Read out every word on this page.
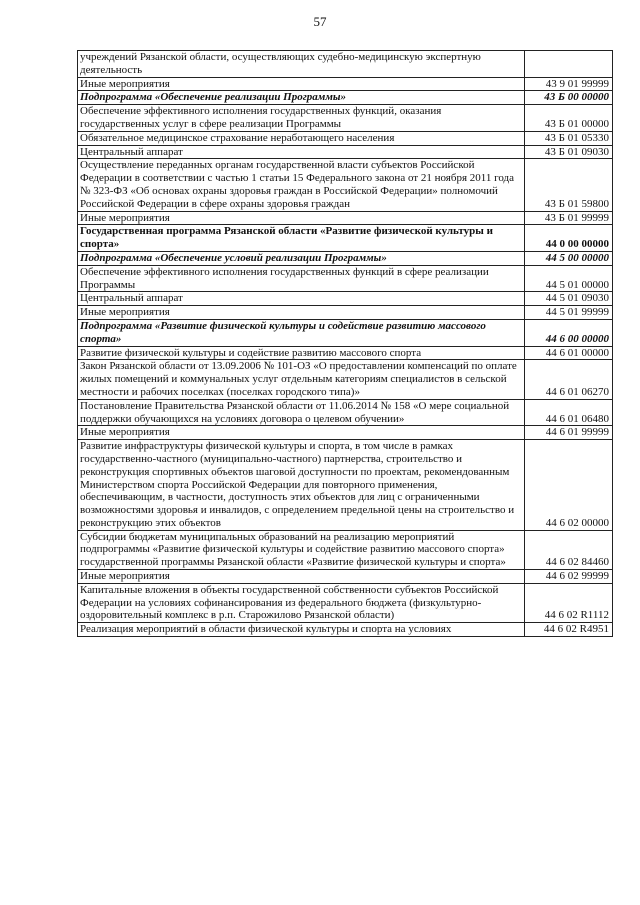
57
учреждений Рязанской области, осуществляющих судебно-медицинскую экспертную деятельность	
Иные мероприятия	43 9 01 99999
Подпрограмма «Обеспечение реализации Программы»	43 Б 00 00000
Обеспечение эффективного исполнения государственных функций, оказания государственных услуг в сфере реализации Программы	43 Б 01 00000
Обязательное медицинское страхование неработающего населения	43 Б 01 05330
Центральный аппарат	43 Б 01 09030
Осуществление переданных органам государственной власти субъектов Российской Федерации в соответствии с частью 1 статьи 15 Федерального закона от 21 ноября 2011 года № 323-ФЗ «Об основах охраны здоровья граждан в Российской Федерации» полномочий Российской Федерации в сфере охраны здоровья граждан	43 Б 01 59800
Иные мероприятия	43 Б 01 99999
Государственная программа Рязанской области «Развитие физической культуры и спорта»	44 0 00 00000
Подпрограмма «Обеспечение условий реализации Программы»	44 5 00 00000
Обеспечение эффективного исполнения государственных функций в сфере реализации Программы	44 5 01 00000
Центральный аппарат	44 5 01 09030
Иные мероприятия	44 5 01 99999
Подпрограмма «Развитие физической культуры и содействие развитию массового спорта»	44 6 00 00000
Развитие физической культуры и содействие развитию массового спорта	44 6 01 00000
Закон Рязанской области от 13.09.2006 № 101-ОЗ «О предоставлении компенсаций по оплате жилых помещений и коммунальных услуг отдельным категориям специалистов в сельской местности и рабочих поселках (поселках городского типа)»	44 6 01 06270
Постановление Правительства Рязанской области от 11.06.2014 № 158 «О мере социальной поддержки обучающихся на условиях договора о целевом обучении»	44 6 01 06480
Иные мероприятия	44 6 01 99999
Развитие инфраструктуры физической культуры и спорта, в том числе в рамках государственно-частного (муниципально-частного) партнерства, строительство и реконструкция спортивных объектов шаговой доступности по проектам, рекомендованным Министерством спорта Российской Федерации для повторного применения, обеспечивающим, в частности, доступность этих объектов для лиц с ограниченными возможностями здоровья и инвалидов, с определением предельной цены на строительство и реконструкцию этих объектов	44 6 02 00000
Субсидии бюджетам муниципальных образований на реализацию мероприятий подпрограммы «Развитие физической культуры и содействие развитию массового спорта» государственной программы Рязанской области «Развитие физической культуры и спорта»	44 6 02 84460
Иные мероприятия	44 6 02 99999
Капитальные вложения в объекты государственной собственности субъектов Российской Федерации на условиях софинансирования из федерального бюджета (физкультурно-оздоровительный комплекс в р.п. Старожилово Рязанской области)	44 6 02 R1112
Реализация мероприятий в области физической культуры и спорта на условиях	44 6 02 R4951
